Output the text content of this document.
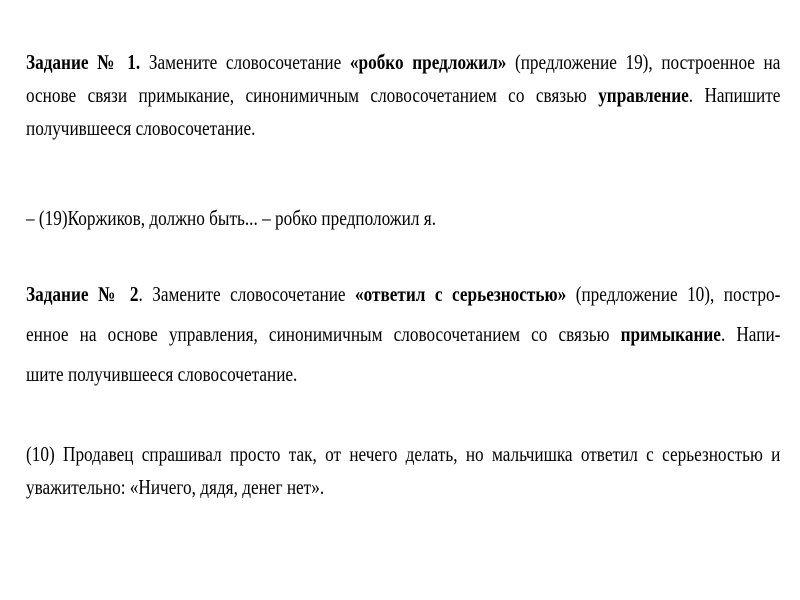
Задание № 1. Замените словосочетание «робко предложил» (предложение 19), построенное на
основе связи примыкание, синонимичным словосочетанием со связью управление. Напишите
получившееся словосочетание.
– (19)Коржиков, должно быть... – робко предположил я.
Задание № 2. Замените словосочетание «ответил с серьезностью» (предложение 10), постро-
енное на основе управления, синонимичным словосочетанием со связью примыкание. Напи-
шите получившееся словосочетание.
(10) Продавец спрашивал просто так, от нечего делать, но мальчишка ответил с серьезностью и
уважительно: «Ничего, дядя, денег нет».
